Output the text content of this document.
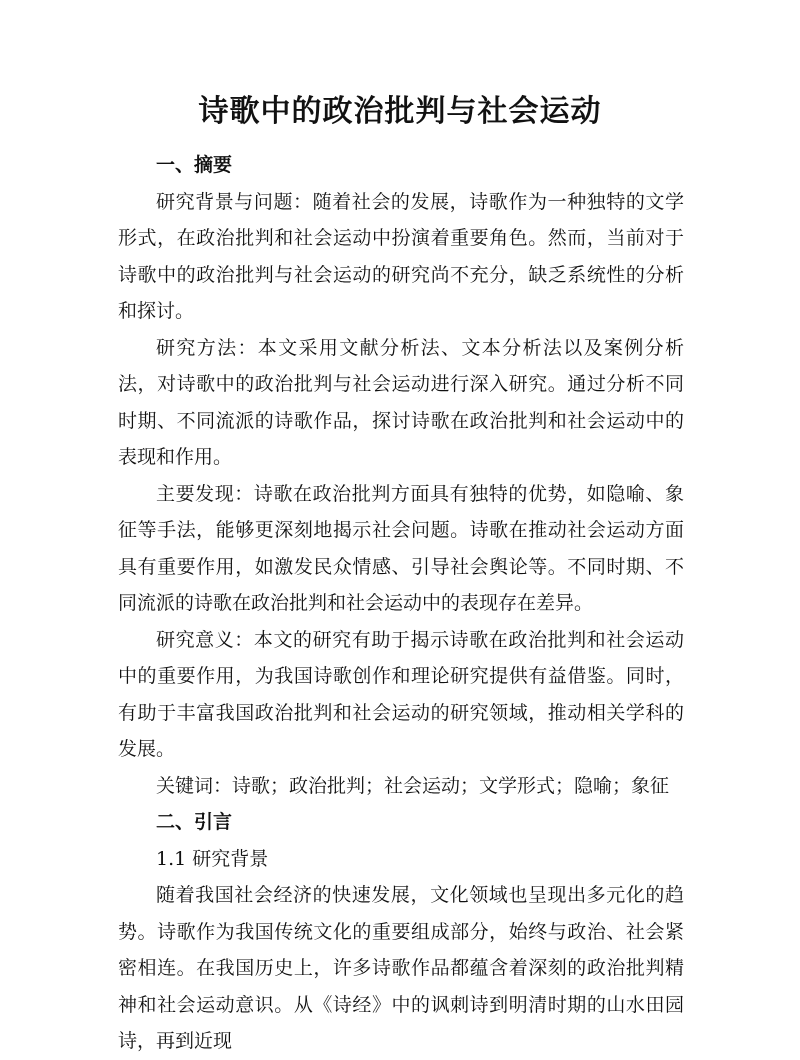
诗歌中的政治批判与社会运动

一、摘要

研究背景与问题：随着社会的发展，诗歌作为一种独特的文学形式，在政治批判和社会运动中扮演着重要角色。然而，当前对于诗歌中的政治批判与社会运动的研究尚不充分，缺乏系统性的分析和探讨。

研究方法：本文采用文献分析法、文本分析法以及案例分析法，对诗歌中的政治批判与社会运动进行深入研究。通过分析不同时期、不同流派的诗歌作品，探讨诗歌在政治批判和社会运动中的表现和作用。

主要发现：诗歌在政治批判方面具有独特的优势，如隐喻、象征等手法，能够更深刻地揭示社会问题。诗歌在推动社会运动方面具有重要作用，如激发民众情感、引导社会舆论等。不同时期、不同流派的诗歌在政治批判和社会运动中的表现存在差异。

研究意义：本文的研究有助于揭示诗歌在政治批判和社会运动中的重要作用，为我国诗歌创作和理论研究提供有益借鉴。同时，有助于丰富我国政治批判和社会运动的研究领域，推动相关学科的发展。

关键词：诗歌；政治批判；社会运动；文学形式；隐喻；象征

二、引言

1.1 研究背景

随着我国社会经济的快速发展，文化领域也呈现出多元化的趋势。诗歌作为我国传统文化的重要组成部分，始终与政治、社会紧密相连。在我国历史上，许多诗歌作品都蕴含着深刻的政治批判精神和社会运动意识。从《诗经》中的讽刺诗到明清时期的山水田园诗，再到近现
